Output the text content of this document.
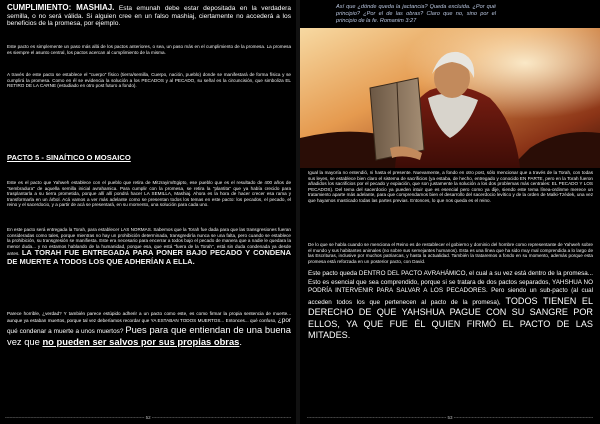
CUMPLIMIENTO: MASHIAJ. Esta emunah debe estar depositada en la verdadera semilla, o no será válida. Si alguien cree en un falso mashiaj, ciertamente no accederá a los beneficios de la promesa, por ejemplo.

Este pacto es simplemente un paso más allá de los pactos anteriores, o sea, un paso más en el cumplimiento de la promesa. La promesa es siempre el asunto central, los pactos acercan al cumplimiento de la misma.

A través de este pacto se establece el "cuerpo" físico (tierra/semilla, Cuerpo, nación, pueblo) donde se manifestará de forma física y se cumplirá la promesa. Como en él se evidencia la solución a los PECADOS y al PECADO, su señal es la circuncisión, que simboliza EL RETIRO DE LA CARNE (estudiado en otro post futuro a fondo).

PACTO 5 - SINAÍTICO O MOSAICO

Este es el pacto que Yahweh establece con el pueblo que retira de Mitzrayim/Egipto, ese pueblo que es el resultado de 400 años de "sembradura" de aquella semilla inicial avrahamica. Para cumplir con la promesa, se retira la "plantita" que ya había crecido para trasplantarla a su tierra prometida, porque allí allí pondrá hacer LA SEMILLA, Mashiaj. Ahora es la hora de hacer crecer esa rama y transformarla en un árbol. Acá vamos a ver más adelante como se presentan todos los temas en este pacto: los pecados, el pecado, el reino y el sacerdocio, y a partir de acá se presentará, en su momento, una solución para cada uno.

En este pacto será entregada la Torah, para establecer LAS NORMAS. Sabemos que la Torah fue dada para que las transgresiones fueran consideradas como tales, porque mientras no hay un prohibición determinada, transgrediría nunca se una falta, pero cuando se establece la prohibición, su transgresión se manifiesta. Este era necesario para encerrar a todos bajo el pecado de manera que a nadie le quedara la menor duda... y no estamos hablando de la humanidad, porque esa, que está "fuera de la Torah", está sin duda condenada ya desde antes. LA TORAH FUE ENTREGADA PARA PONER BAJO PECADO Y CONDENA DE MUERTE A TODOS LOS QUE ADHERÍAN A ELLA.

Parece horrible, ¿verdad? Y también parece estúpido adherir a un pacto como este, es como firmar la propia sentencia de muerte... aunque ya estaban muertos, porque tal vez deberíamos recordar que YA ESTABAN TODOS MUERTOS... Entonces... qué confuso, ¿por qué condenar a muerte a unos muertos? Pues para que entiendan de una buena vez que no pueden ser salvos por sus propias obras.

--------------------------------------------------------------------------------------------- 52 ---------------------------------------------------------------------------------------------

Así que ¿dónde queda la jactancia? Queda excluida. ¿Por qué principio? ¿Por el de las obras? Claro que no, sino por el principio de la fe. Romanim 3:27

Igual la mayoría no entendió, ni hasta el presente. Nuevamente, a fondo en otro post, sólo mencionar que a través de la Torah, con todas sus leyes, se establece bien claro el sistema de sacrificios (ya estaba, de hecho, entregado y conocido EN PARTE, pero en la Torah fueron añadidos los sacrificios por el pecado y expiación, que son justamente la solución a los dos problemas más centrales: EL PECADO Y LOS PECADOS). Del tema del sacerdocio ya pueden intuir que es esencial pero como ya dije, siendo este tema línea-ordinme merece un tratamiento aparte más adelante, para que comprendamos bien el desarrollo del sacerdocio levítico y de la orden de Malki-Tzédek, una vez que hayamos masticado todas las partes previas. Entonces, lo que nos queda es el reino.

De lo que se habla cuando se menciona el Reino es de restablecer el gobierno y dominio del hombre como representante de Yahweh sobre el mundo y sus habitantes animales (no sobre sus semejantes humanos). Esta es una línea que ha sido muy mal comprendida a lo largo de las Escrituras, inclusive por muchos patriarcas, y hasta la actualidad. También la trataremos a fondo en su momento, además porque esta promesa está reforzada en un posterior pacto, con David.

Este pacto queda DENTRO DEL PACTO AVRAHÁMICO, el cual a su vez está dentro de la promesa... Esto es esencial que sea comprendido, porque si se tratara de dos pactos separados, YAHSHUA NO PODRÍA INTERVENIR PARA SALVAR A LOS PECADORES. Pero siendo un sub-pacto (al cual acceden todos los que pertenecen al pacto de la promesa), TODOS TIENEN EL DERECHO DE QUE YAHSHUA PAGUE CON SU SANGRE POR ELLOS, YA QUE FUE ÉL QUIEN FIRMÓ EL PACTO DE LAS MITADES.

--------------------------------------------------------------------------------------------- 53 ---------------------------------------------------------------------------------------------
